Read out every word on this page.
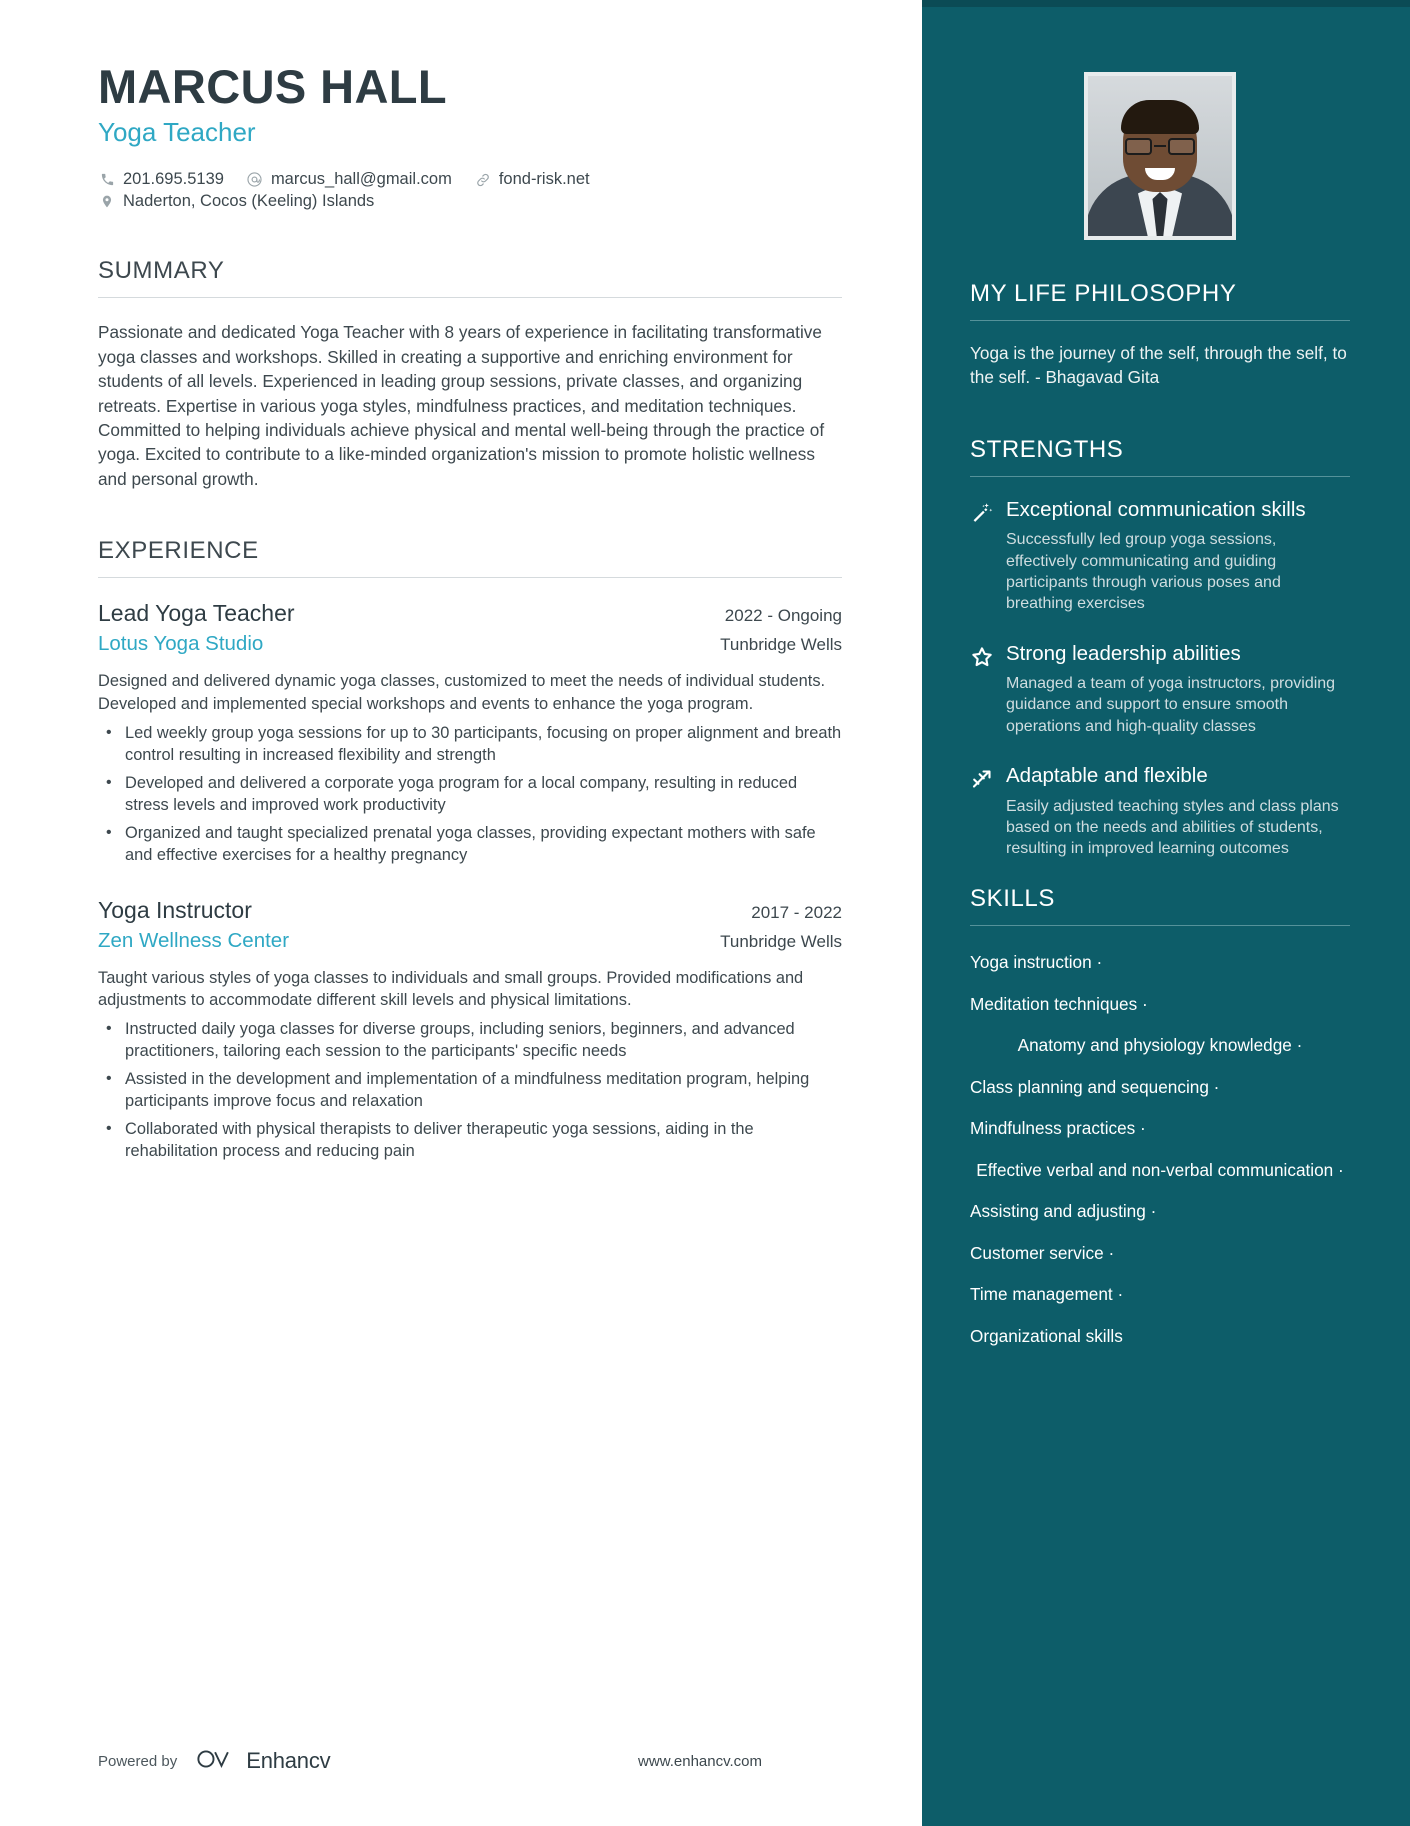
MARCUS HALL
Yoga Teacher
201.695.5139	marcus_hall@gmail.com	fond-risk.net
Naderton, Cocos (Keeling) Islands
SUMMARY
Passionate and dedicated Yoga Teacher with 8 years of experience in facilitating transformative yoga classes and workshops. Skilled in creating a supportive and enriching environment for students of all levels. Experienced in leading group sessions, private classes, and organizing retreats. Expertise in various yoga styles, mindfulness practices, and meditation techniques. Committed to helping individuals achieve physical and mental well-being through the practice of yoga. Excited to contribute to a like-minded organization's mission to promote holistic wellness and personal growth.
EXPERIENCE
Lead Yoga Teacher	2022 - Ongoing
Lotus Yoga Studio	Tunbridge Wells
Designed and delivered dynamic yoga classes, customized to meet the needs of individual students. Developed and implemented special workshops and events to enhance the yoga program.
• Led weekly group yoga sessions for up to 30 participants, focusing on proper alignment and breath control resulting in increased flexibility and strength
• Developed and delivered a corporate yoga program for a local company, resulting in reduced stress levels and improved work productivity
• Organized and taught specialized prenatal yoga classes, providing expectant mothers with safe and effective exercises for a healthy pregnancy
Yoga Instructor	2017 - 2022
Zen Wellness Center	Tunbridge Wells
Taught various styles of yoga classes to individuals and small groups. Provided modifications and adjustments to accommodate different skill levels and physical limitations.
• Instructed daily yoga classes for diverse groups, including seniors, beginners, and advanced practitioners, tailoring each session to the participants' specific needs
• Assisted in the development and implementation of a mindfulness meditation program, helping participants improve focus and relaxation
• Collaborated with physical therapists to deliver therapeutic yoga sessions, aiding in the rehabilitation process and reducing pain
Powered by	Enhancv	www.enhancv.com
MY LIFE PHILOSOPHY
Yoga is the journey of the self, through the self, to the self. - Bhagavad Gita
STRENGTHS
Exceptional communication skills
Successfully led group yoga sessions, effectively communicating and guiding participants through various poses and breathing exercises
Strong leadership abilities
Managed a team of yoga instructors, providing guidance and support to ensure smooth operations and high-quality classes
Adaptable and flexible
Easily adjusted teaching styles and class plans based on the needs and abilities of students, resulting in improved learning outcomes
SKILLS
Yoga instruction ·
Meditation techniques ·
Anatomy and physiology knowledge ·
Class planning and sequencing ·
Mindfulness practices ·
Effective verbal and non-verbal communication ·
Assisting and adjusting ·
Customer service ·
Time management ·
Organizational skills
